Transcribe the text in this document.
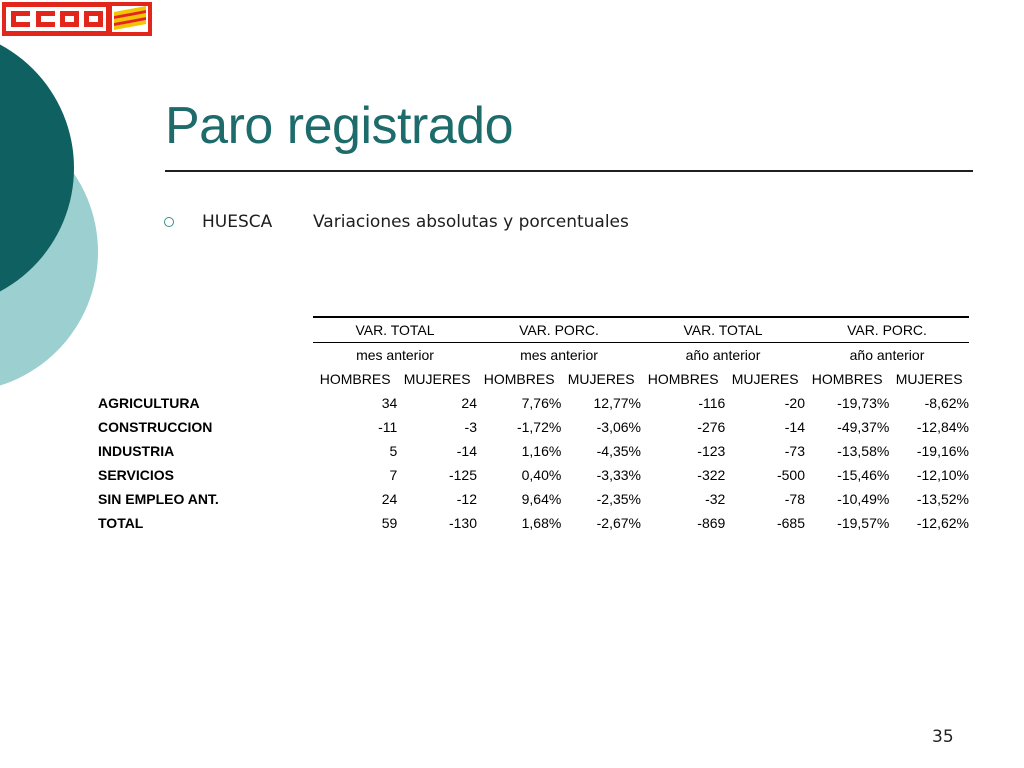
Paro registrado
HUESCA Variaciones absolutas y porcentuales
	VAR. TOTAL		VAR. PORC.		VAR. TOTAL		VAR. PORC.	
	mes anterior		mes anterior		año anterior		año anterior	
	HOMBRES	MUJERES	HOMBRES	MUJERES	HOMBRES	MUJERES	HOMBRES	MUJERES
AGRICULTURA	34	24	7,76%	12,77%	-116	-20	-19,73%	-8,62%
CONSTRUCCION	-11	-3	-1,72%	-3,06%	-276	-14	-49,37%	-12,84%
INDUSTRIA	5	-14	1,16%	-4,35%	-123	-73	-13,58%	-19,16%
SERVICIOS	7	-125	0,40%	-3,33%	-322	-500	-15,46%	-12,10%
SIN EMPLEO ANT.	24	-12	9,64%	-2,35%	-32	-78	-10,49%	-13,52%
TOTAL	59	-130	1,68%	-2,67%	-869	-685	-19,57%	-12,62%
35
